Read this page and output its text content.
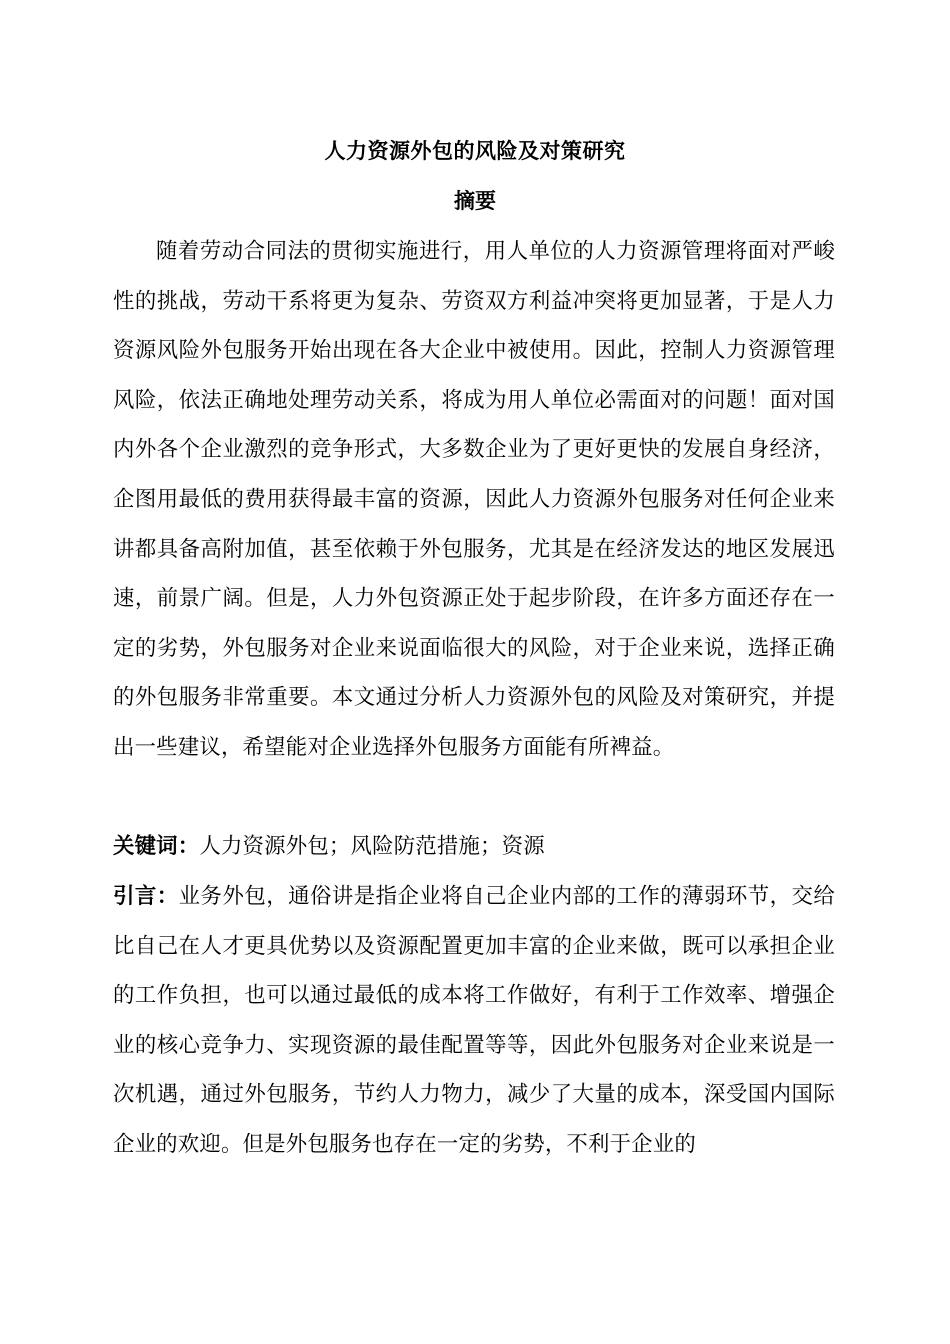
人力资源外包的风险及对策研究
摘要
随着劳动合同法的贯彻实施进行，用人单位的人力资源管理将面对严峻性的挑战，劳动干系将更为复杂、劳资双方利益冲突将更加显著，于是人力资源风险外包服务开始出现在各大企业中被使用。因此，控制人力资源管理风险，依法正确地处理劳动关系，将成为用人单位必需面对的问题！面对国内外各个企业激烈的竞争形式，大多数企业为了更好更快的发展自身经济，企图用最低的费用获得最丰富的资源，因此人力资源外包服务对任何企业来讲都具备高附加值，甚至依赖于外包服务，尤其是在经济发达的地区发展迅速，前景广阔。但是，人力外包资源正处于起步阶段，在许多方面还存在一定的劣势，外包服务对企业来说面临很大的风险，对于企业来说，选择正确的外包服务非常重要。本文通过分析人力资源外包的风险及对策研究，并提出一些建议，希望能对企业选择外包服务方面能有所裨益。
关键词：人力资源外包；风险防范措施；资源
引言：业务外包，通俗讲是指企业将自己企业内部的工作的薄弱环节，交给比自己在人才更具优势以及资源配置更加丰富的企业来做，既可以承担企业的工作负担，也可以通过最低的成本将工作做好，有利于工作效率、增强企业的核心竞争力、实现资源的最佳配置等等，因此外包服务对企业来说是一次机遇，通过外包服务，节约人力物力，减少了大量的成本，深受国内国际企业的欢迎。但是外包服务也存在一定的劣势，不利于企业的
